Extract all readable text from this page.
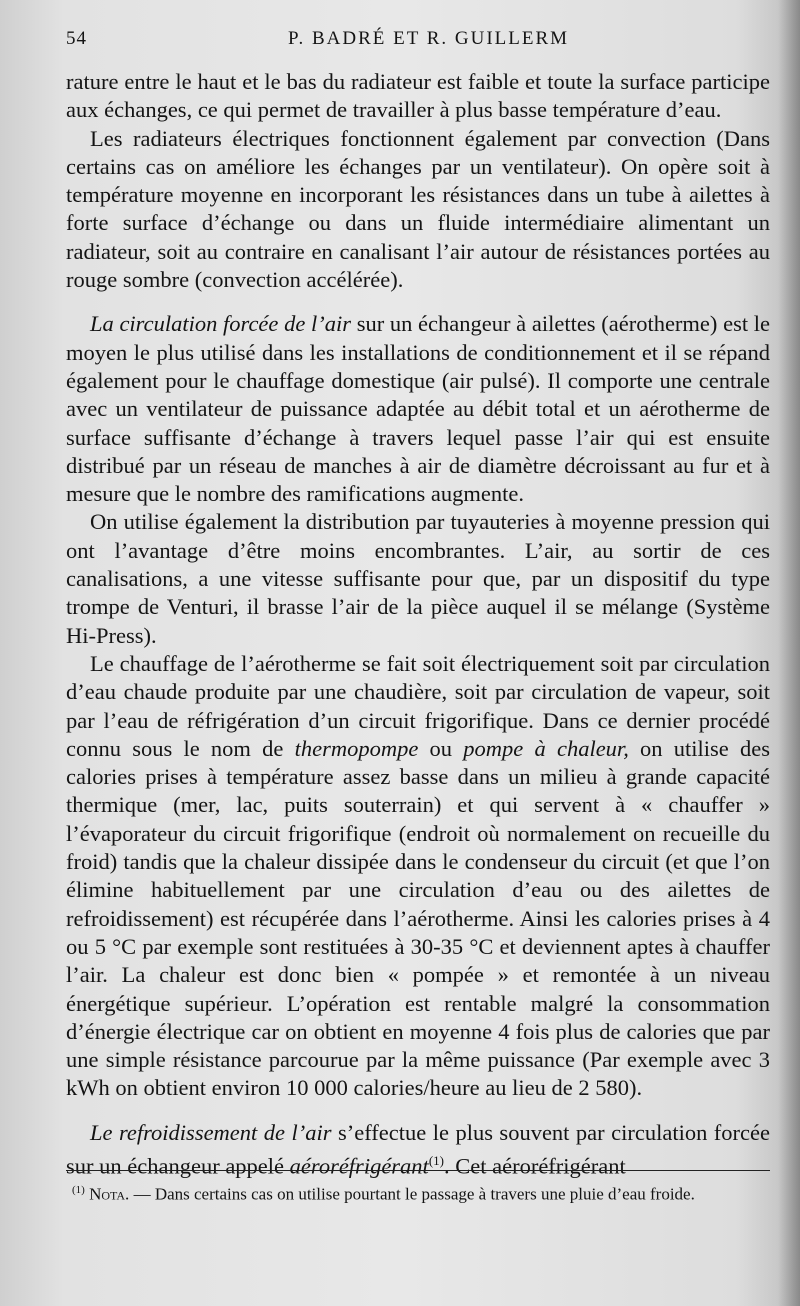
54	P. BADRÉ ET R. GUILLERM

rature entre le haut et le bas du radiateur est faible et toute la surface participe aux échanges, ce qui permet de travailler à plus basse température d’eau.

Les radiateurs électriques fonctionnent également par convection (Dans certains cas on améliore les échanges par un ventilateur). On opère soit à température moyenne en incorporant les résistances dans un tube à ailettes à forte surface d’échange ou dans un fluide intermédiaire alimentant un radiateur, soit au contraire en canalisant l’air autour de résistances portées au rouge sombre (convection accélérée).

La circulation forcée de l’air sur un échangeur à ailettes (aérotherme) est le moyen le plus utilisé dans les installations de conditionnement et il se répand également pour le chauffage domestique (air pulsé). Il comporte une centrale avec un ventilateur de puissance adaptée au débit total et un aérotherme de surface suffisante d’échange à travers lequel passe l’air qui est ensuite distribué par un réseau de manches à air de diamètre décroissant au fur et à mesure que le nombre des ramifications augmente.

On utilise également la distribution par tuyauteries à moyenne pression qui ont l’avantage d’être moins encombrantes. L’air, au sortir de ces canalisations, a une vitesse suffisante pour que, par un dispositif du type trompe de Venturi, il brasse l’air de la pièce auquel il se mélange (Système Hi-Press).

Le chauffage de l’aérotherme se fait soit électriquement soit par circulation d’eau chaude produite par une chaudière, soit par circulation de vapeur, soit par l’eau de réfrigération d’un circuit frigorifique. Dans ce dernier procédé connu sous le nom de thermopompe ou pompe à chaleur, on utilise des calories prises à température assez basse dans un milieu à grande capacité thermique (mer, lac, puits souterrain) et qui servent à « chauffer » l’évaporateur du circuit frigorifique (endroit où normalement on recueille du froid) tandis que la chaleur dissipée dans le condenseur du circuit (et que l’on élimine habituellement par une circulation d’eau ou des ailettes de refroidissement) est récupérée dans l’aérotherme. Ainsi les calories prises à 4 ou 5 °C par exemple sont restituées à 30-35 °C et deviennent aptes à chauffer l’air. La chaleur est donc bien « pompée » et remontée à un niveau énergétique supérieur. L’opération est rentable malgré la consommation d’énergie électrique car on obtient en moyenne 4 fois plus de calories que par une simple résistance parcourue par la même puissance (Par exemple avec 3 kWh on obtient environ 10 000 calories/heure au lieu de 2 580).

Le refroidissement de l’air s’effectue le plus souvent par circulation forcée sur un échangeur appelé aéroréfrigérant$^{(1)}$. Cet aéroréfrigérant

$^{(1)}$ Nota. — Dans certains cas on utilise pourtant le passage à travers une pluie d’eau froide.
